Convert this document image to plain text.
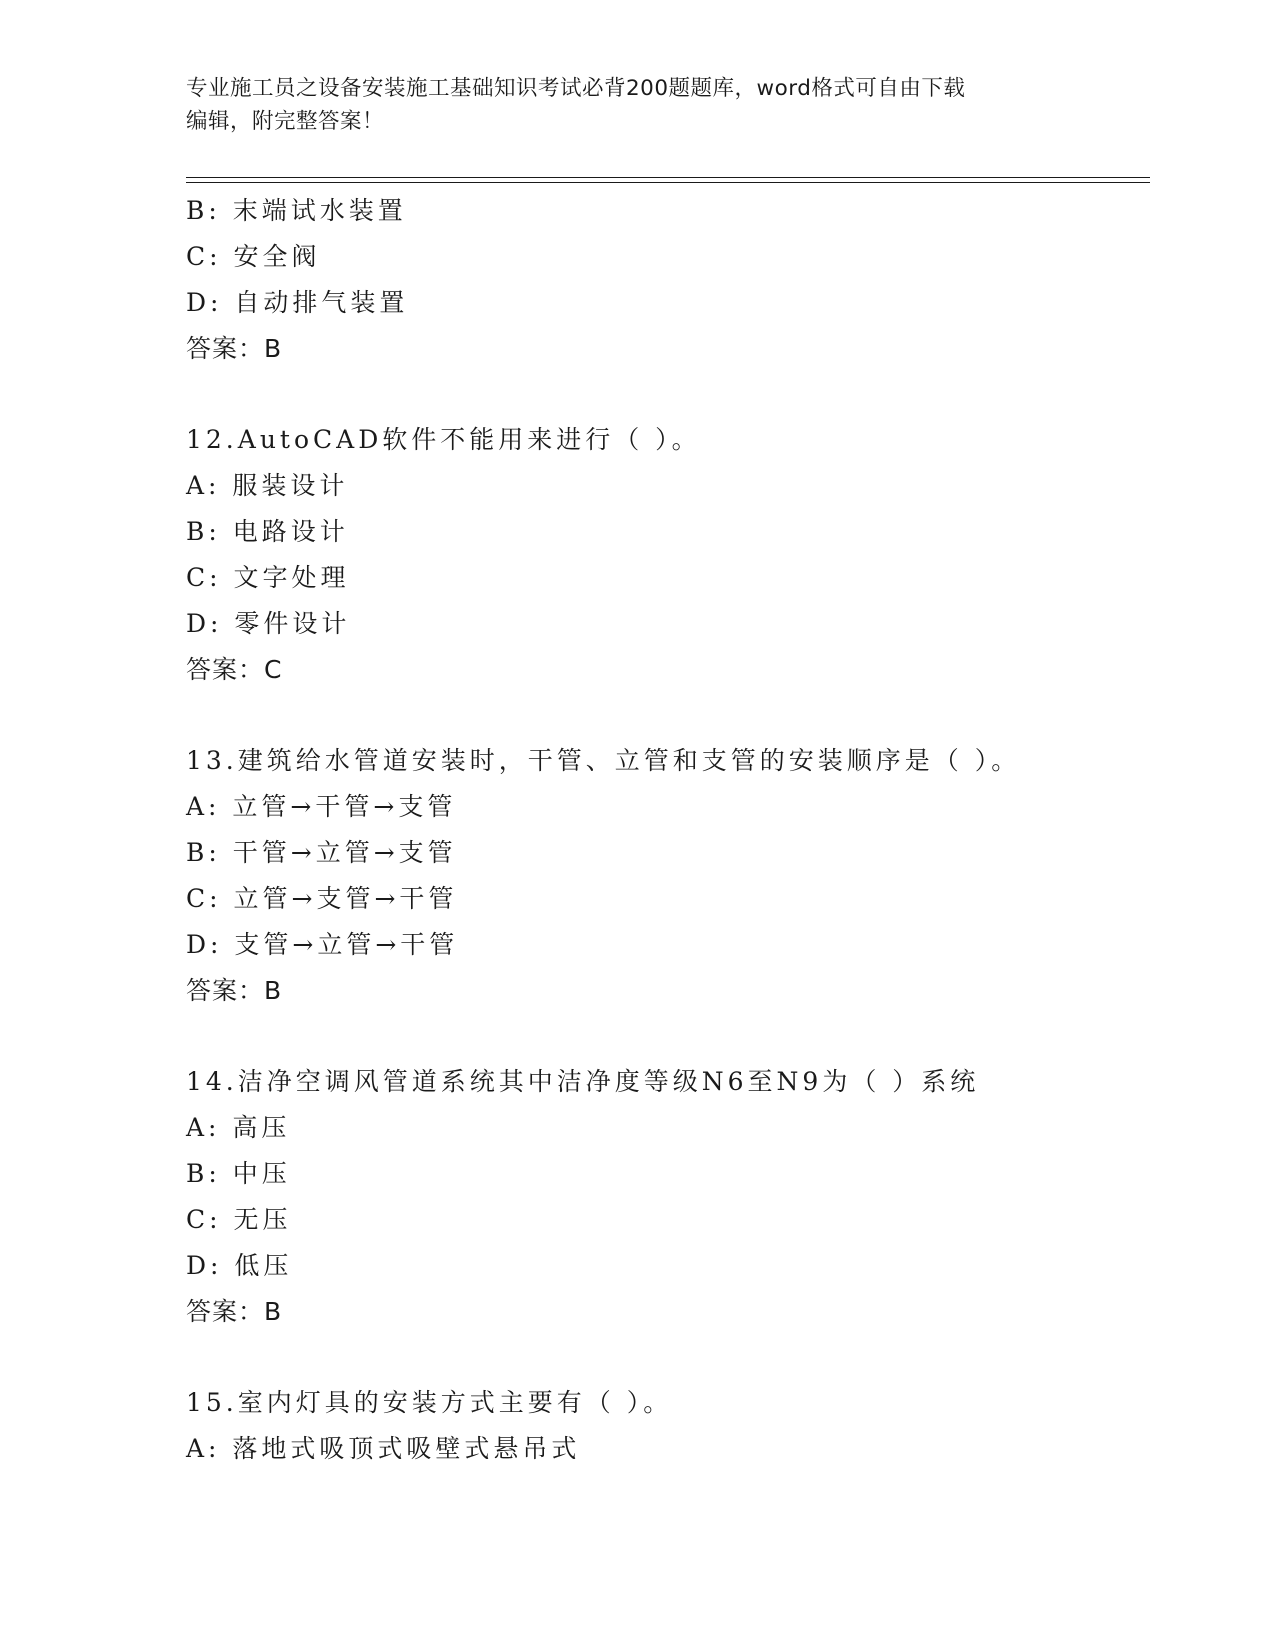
专业施工员之设备安装施工基础知识考试必背200题题库，word格式可自由下载
编辑，附完整答案！
B: 末端试水装置
C: 安全阀
D: 自动排气装置
答案：B
12.AutoCAD软件不能用来进行（ ）。
A: 服装设计
B: 电路设计
C: 文字处理
D: 零件设计
答案：C
13.建筑给水管道安装时，干管、立管和支管的安装顺序是（ ）。
A: 立管→干管→支管
B: 干管→立管→支管
C: 立管→支管→干管
D: 支管→立管→干管
答案：B
14.洁净空调风管道系统其中洁净度等级N6至N9为（ ）系统
A: 高压
B: 中压
C: 无压
D: 低压
答案：B
15.室内灯具的安装方式主要有（ ）。
A: 落地式吸顶式吸壁式悬吊式
